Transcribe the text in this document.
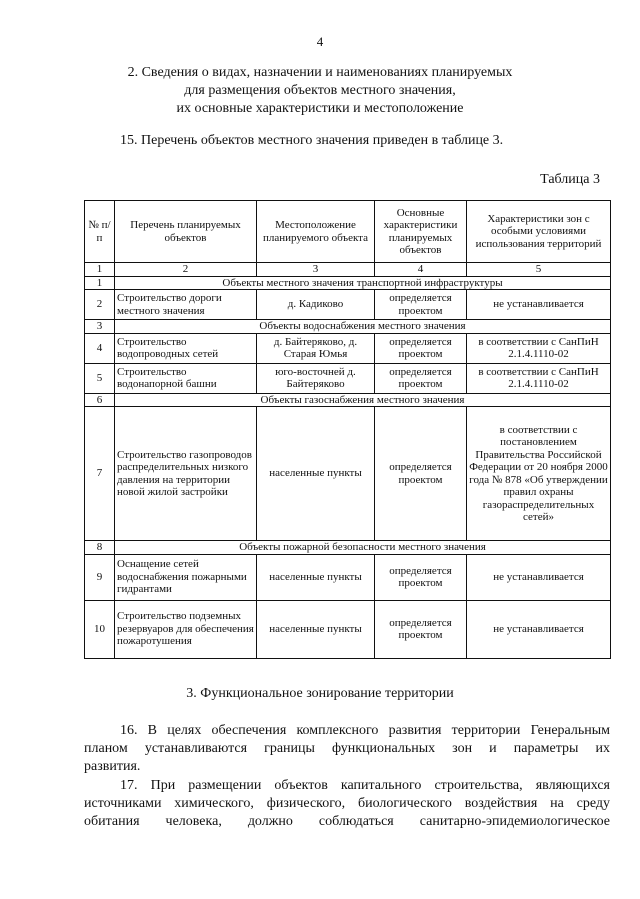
4
2. Сведения о видах, назначении и наименованиях планируемых
для размещения объектов местного значения,
их основные характеристики и местоположение
15. Перечень объектов местного значения приведен в таблице 3.
Таблица 3
№ п/п	Перечень планируемых объектов	Местоположение планируемого объекта	Основные характеристики планируемых объектов	Характеристики зон с особыми условиями использования территорий
1	2	3	4	5
1	Объекты местного значения транспортной инфраструктуры			
2	Строительство дороги местного значения	д. Кадиково	определяется проектом	не устанавливается
3	Объекты водоснабжения местного значения			
4	Строительство водопроводных сетей	д. Байтеряково, д. Старая Юмья	определяется проектом	в соответствии с СанПиН 2.1.4.1110-02
5	Строительство водонапорной башни	юго-восточней д. Байтеряково	определяется проектом	в соответствии с СанПиН 2.1.4.1110-02
6	Объекты газоснабжения местного значения			
7	Строительство газопроводов распределительных низкого давления на территории новой жилой застройки	населенные пункты	определяется проектом	в соответствии с постановлением Правительства Российской Федерации от 20 ноября 2000 года № 878 «Об утверждении правил охраны газораспределительных сетей»
8	Объекты пожарной безопасности местного значения			
9	Оснащение сетей водоснабжения пожарными гидрантами	населенные пункты	определяется проектом	не устанавливается
10	Строительство подземных резервуаров для обеспечения пожаротушения	населенные пункты	определяется проектом	не устанавливается
3. Функциональное зонирование территории
16. В целях обеспечения комплексного развития территории Генеральным
планом устанавливаются границы функциональных зон и параметры их
развития.
17. При размещении объектов капитального строительства, являющихся
источниками химического, физического, биологического воздействия на среду
обитания человека, должно соблюдаться санитарно-эпидемиологическое
